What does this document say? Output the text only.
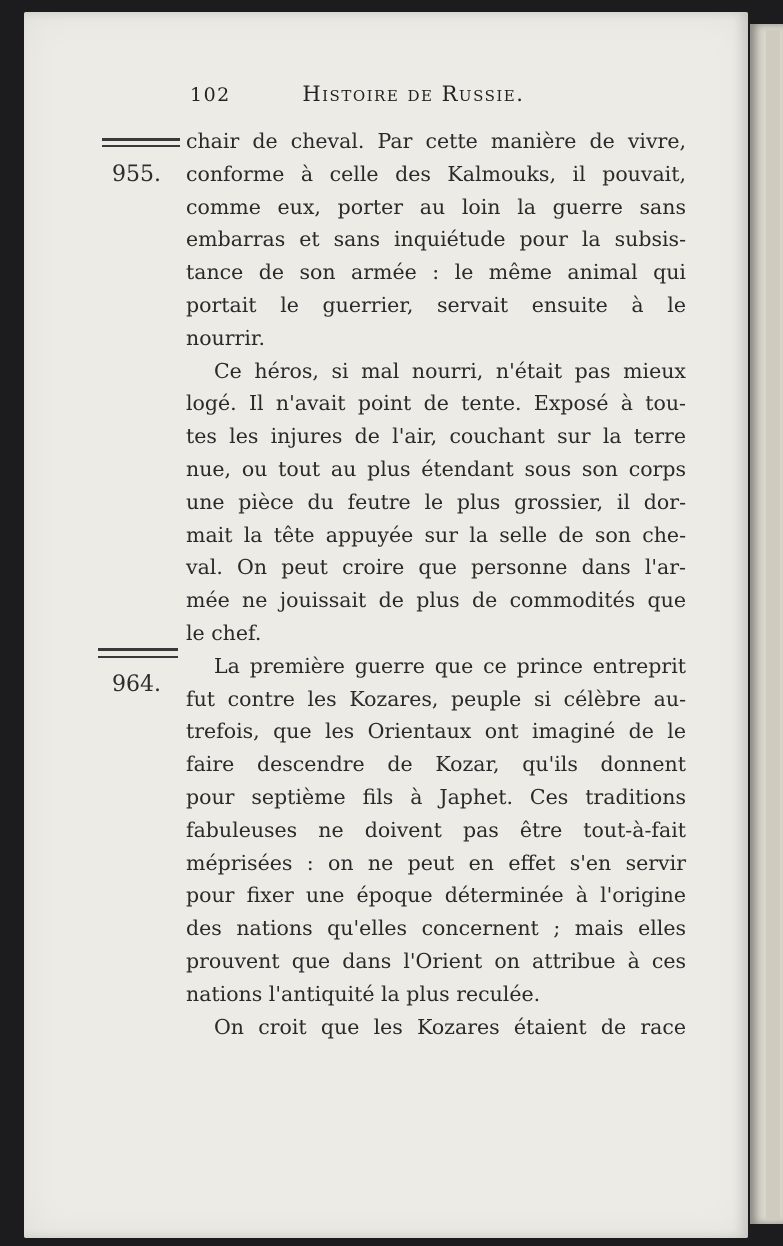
102	Histoire de Russie.
955.
964.
chair de cheval. Par cette manière de vivre,
conforme à celle des Kalmouks, il pouvait,
comme eux, porter au loin la guerre sans
embarras et sans inquiétude pour la subsis-
tance de son armée : le même animal qui
portait le guerrier, servait ensuite à le
nourrir.
Ce héros, si mal nourri, n'était pas mieux
logé. Il n'avait point de tente. Exposé à tou-
tes les injures de l'air, couchant sur la terre
nue, ou tout au plus étendant sous son corps
une pièce du feutre le plus grossier, il dor-
mait la tête appuyée sur la selle de son che-
val. On peut croire que personne dans l'ar-
mée ne jouissait de plus de commodités que
le chef.
La première guerre que ce prince entreprit
fut contre les Kozares, peuple si célèbre au-
trefois, que les Orientaux ont imaginé de le
faire descendre de Kozar, qu'ils donnent
pour septième fils à Japhet. Ces traditions
fabuleuses ne doivent pas être tout-à-fait
méprisées : on ne peut en effet s'en servir
pour fixer une époque déterminée à l'origine
des nations qu'elles concernent ; mais elles
prouvent que dans l'Orient on attribue à ces
nations l'antiquité la plus reculée.
On croit que les Kozares étaient de race
